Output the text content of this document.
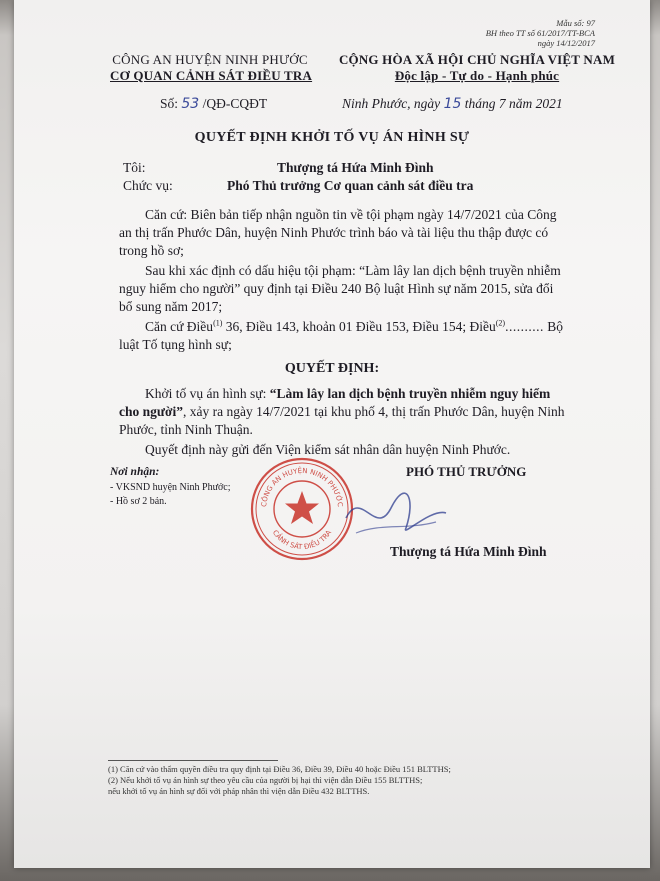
Mẫu số: 97
BH theo TT số 61/2017/TT-BCA
ngày 14/12/2017
CÔNG AN HUYỆN NINH PHƯỚC
CƠ QUAN CẢNH SÁT ĐIỀU TRA
CỘNG HÒA XÃ HỘI CHỦ NGHĨA VIỆT NAM
Độc lập - Tự do - Hạnh phúc
Số: 53 /QĐ-CQĐT	Ninh Phước, ngày 15 tháng 7 năm 2021
QUYẾT ĐỊNH KHỞI TỐ VỤ ÁN HÌNH SỰ
Tôi:	Thượng tá Hứa Minh Đình
Chức vụ:	Phó Thủ trưởng Cơ quan cảnh sát điều tra
Căn cứ: Biên bản tiếp nhận nguồn tin về tội phạm ngày 14/7/2021 của Công
an thị trấn Phước Dân, huyện Ninh Phước trình báo và tài liệu thu thập được có
trong hồ sơ;
Sau khi xác định có dấu hiệu tội phạm: “Làm lây lan dịch bệnh truyền nhiễm
nguy hiểm cho người” quy định tại Điều 240 Bộ luật Hình sự năm 2015, sửa đổi
bổ sung năm 2017;
Căn cứ Điều$^{(1)}$ 36, Điều 143, khoản 01 Điều 153, Điều 154; Điều$^{(2)}$.......... Bộ
luật Tố tụng hình sự;
QUYẾT ĐỊNH:
Khởi tố vụ án hình sự: “Làm lây lan dịch bệnh truyền nhiễm nguy hiểm
cho người”, xảy ra ngày 14/7/2021 tại khu phố 4, thị trấn Phước Dân, huyện Ninh
Phước, tỉnh Ninh Thuận.
Quyết định này gửi đến Viện kiểm sát nhân dân huyện Ninh Phước.
Nơi nhận:
- VKSND huyện Ninh Phước;
- Hồ sơ 2 bản.
PHÓ THỦ TRƯỞNG
CÔNG AN HUYỆN NINH PHƯỚC
CẢNH SÁT ĐIỀU TRA
Thượng tá Hứa Minh Đình
(1) Căn cứ vào thẩm quyền điều tra quy định tại Điều 36, Điều 39, Điều 40 hoặc Điều 151 BLTTHS;
(2) Nếu khởi tố vụ án hình sự theo yêu cầu của người bị hại thì viện dẫn Điều 155 BLTTHS;
nếu khởi tố vụ án hình sự đối với pháp nhân thì viện dẫn Điều 432 BLTTHS.
